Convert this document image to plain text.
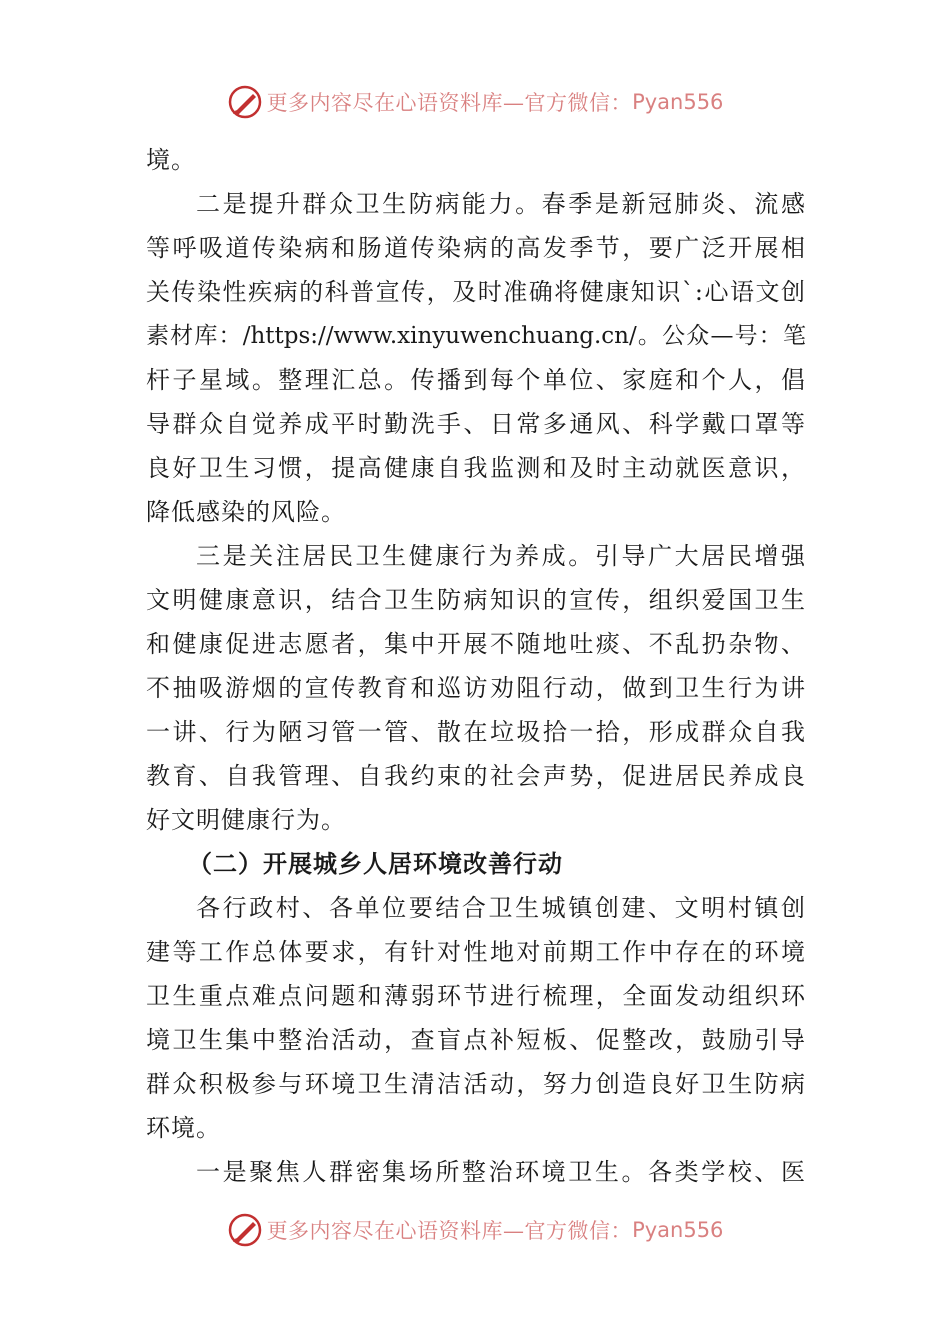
更多内容尽在心语资料库—官方微信： Pyan556
境。
二是提升群众卫生防病能力。春季是新冠肺炎、流感
等呼吸道传染病和肠道传染病的高发季节，要广泛开展相
关传染性疾病的科普宣传，及时准确将健康知识`:心语文创
素材库：/https://www.xinyuwenchuang.cn/。公众—号：笔
杆子星域。整理汇总。传播到每个单位、家庭和个人，倡
导群众自觉养成平时勤洗手、日常多通风、科学戴口罩等
良好卫生习惯，提高健康自我监测和及时主动就医意识，
降低感染的风险。
三是关注居民卫生健康行为养成。引导广大居民增强
文明健康意识，结合卫生防病知识的宣传，组织爱国卫生
和健康促进志愿者，集中开展不随地吐痰、不乱扔杂物、
不抽吸游烟的宣传教育和巡访劝阻行动，做到卫生行为讲
一讲、行为陋习管一管、散在垃圾拾一拾，形成群众自我
教育、自我管理、自我约束的社会声势，促进居民养成良
好文明健康行为。
（二）开展城乡人居环境改善行动
各行政村、各单位要结合卫生城镇创建、文明村镇创
建等工作总体要求，有针对性地对前期工作中存在的环境
卫生重点难点问题和薄弱环节进行梳理，全面发动组织环
境卫生集中整治活动，查盲点补短板、促整改，鼓励引导
群众积极参与环境卫生清洁活动，努力创造良好卫生防病
环境。
一是聚焦人群密集场所整治环境卫生。各类学校、医
更多内容尽在心语资料库—官方微信： Pyan556
